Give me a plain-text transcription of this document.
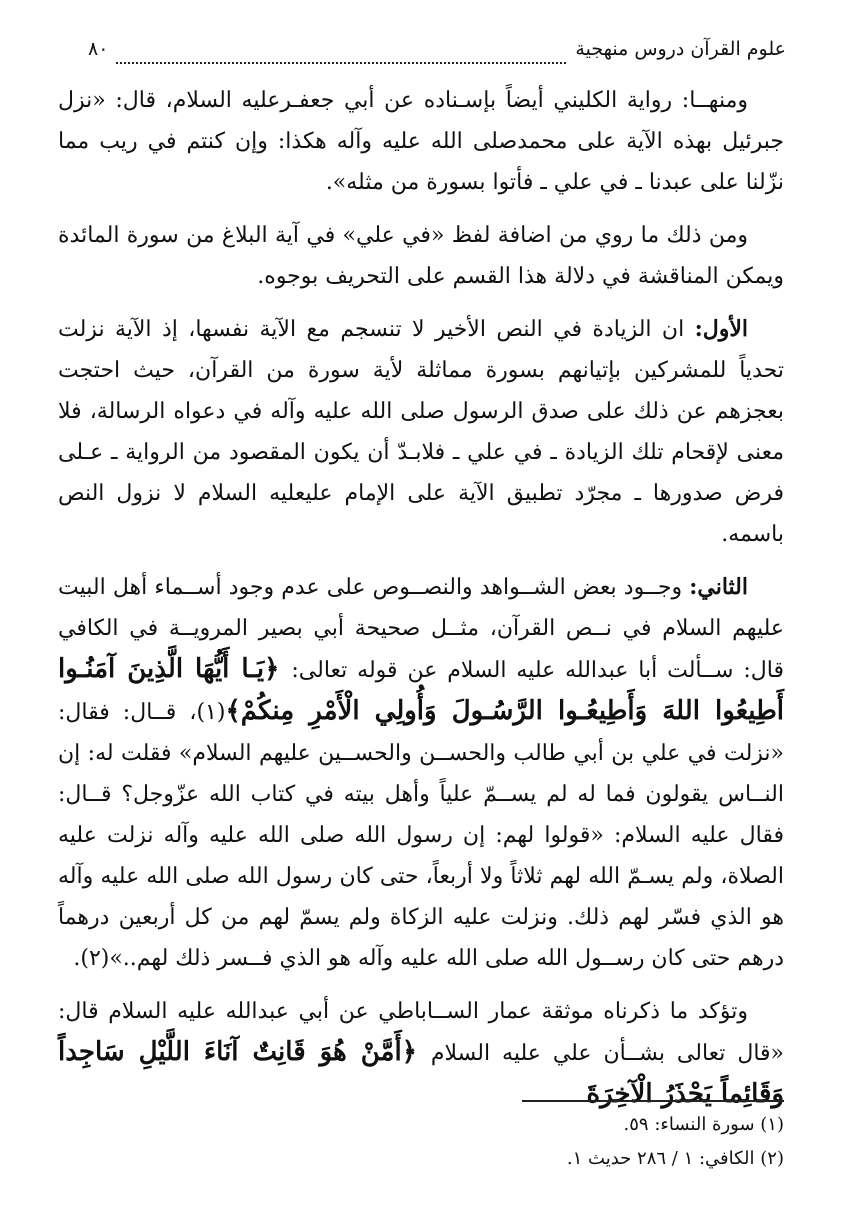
علوم القرآن دروس منهجية
٨٠

ومنهــا: رواية الكليني أيضاً بإسـناده عن أبي جعفـرعليه السلام، قال: «نزل جبرئيل بهذه الآية على محمدصلى الله عليه وآله هكذا: وإن كنتم في ريب مما نزّلنا على عبدنا ـ في علي ـ فأتوا بسورة من مثله».

ومن ذلك ما روي من اضافة لفظ «في علي» في آية البلاغ من سورة المائدة ويمكن المناقشة في دلالة هذا القسم على التحريف بوجوه.

الأول: ان الزيادة في النص الأخير لا تنسجم مع الآية نفسها، إذ الآية نزلت تحدياً للمشركين بإتيانهم بسورة مماثلة لأية سورة من القرآن، حيث احتجت بعجزهم عن ذلك على صدق الرسول صلى الله عليه وآله في دعواه الرسالة، فلا معنى لإقحام تلك الزيادة ـ في علي ـ فلابـدّ أن يكون المقصود من الرواية ـ عـلى فرض صدورها ـ مجرّد تطبيق الآية على الإمام عليعليه السلام لا نزول النص باسمه.

الثاني: وجــود بعض الشــواهد والنصــوص على عدم وجود أســماء أهل البيت عليهم السلام في نــص القرآن، مثــل صحيحة أبي بصير المرويــة في الكافي قال: ســألت أبا عبدالله عليه السلام عن قوله تعالى: ﴿يَـا أَيُّهَا الَّذِينَ آمَنُـوا أَطِيعُوا اللهَ وَأَطِيعُـوا الرَّسُـولَ وَأُولِي الْأَمْرِ مِنكُمْ﴾(١)، قــال: فقال: «نزلت في علي بن أبي طالب والحســن والحســين عليهم السلام» فقلت له: إن النــاس يقولون فما له لم يســمّ علياً وأهل بيته في كتاب الله عزّوجل؟ قــال: فقال عليه السلام: «قولوا لهم: إن رسول الله صلى الله عليه وآله نزلت عليه الصلاة، ولم يسـمّ الله لهم ثلاثاً ولا أربعاً، حتى كان رسول الله صلى الله عليه وآله هو الذي فسّر لهم ذلك. ونزلت عليه الزكاة ولم يسمّ لهم من كل أربعين درهماً درهم حتى كان رســول الله صلى الله عليه وآله هو الذي فــسر ذلك لهم..»(٢).

وتؤكد ما ذكرناه موثقة عمار الســاباطي عن أبي عبدالله عليه السلام قال: «قال تعالى بشــأن علي عليه السلام ﴿أَمَّنْ هُوَ قَانِتٌ آنَاءَ اللَّيْلِ سَاجِداً وَقَائِماً يَحْذَرُ الْآخِرَةَ

(١) سورة النساء: ٥٩.
(٢) الكافي: ١ / ٢٨٦ حديث ١.
